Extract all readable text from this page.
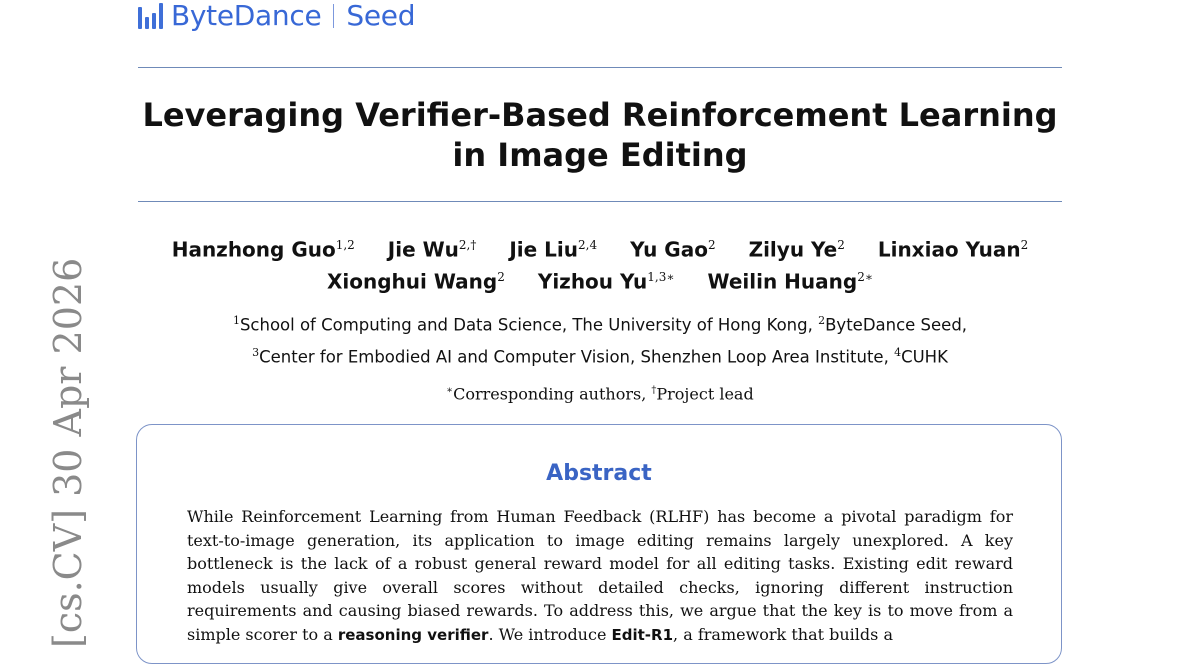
ByteDance Seed
Leveraging Verifier-Based Reinforcement Learning in Image Editing
Hanzhong Guo$^{1,2}$ Jie $Wu^{2,\dagger}$ Jie Liu$^{2,4}$ Yu Gao$^2$ Zilyu Ye$^2$ Linxiao Yuan$^2$
Xionghui Wang$^2$ Yizhou $Yu^{1,3∗}$ Weilin Huang$^{2∗}$
$^1$School of Computing and Data Science, The University of Hong Kong, $^2$ByteDance Seed,
$^3$Center for Embodied AI and Computer Vision, Shenzhen Loop Area Institute, $^4$CUHK
∗Corresponding authors, †Project lead
Abstract
While Reinforcement Learning from Human Feedback (RLHF) has become a pivotal paradigm for text-to-image generation, its application to image editing remains largely unexplored. A key bottleneck is the lack of a robust general reward model for all editing tasks. Existing edit reward models usually give overall scores without detailed checks, ignoring different instruction requirements and causing biased rewards. To address this, we argue that the key is to move from a simple scorer to a reasoning verifier. We introduce Edit-R1, a framework that builds a
[cs.CV] 30 Apr 2026
